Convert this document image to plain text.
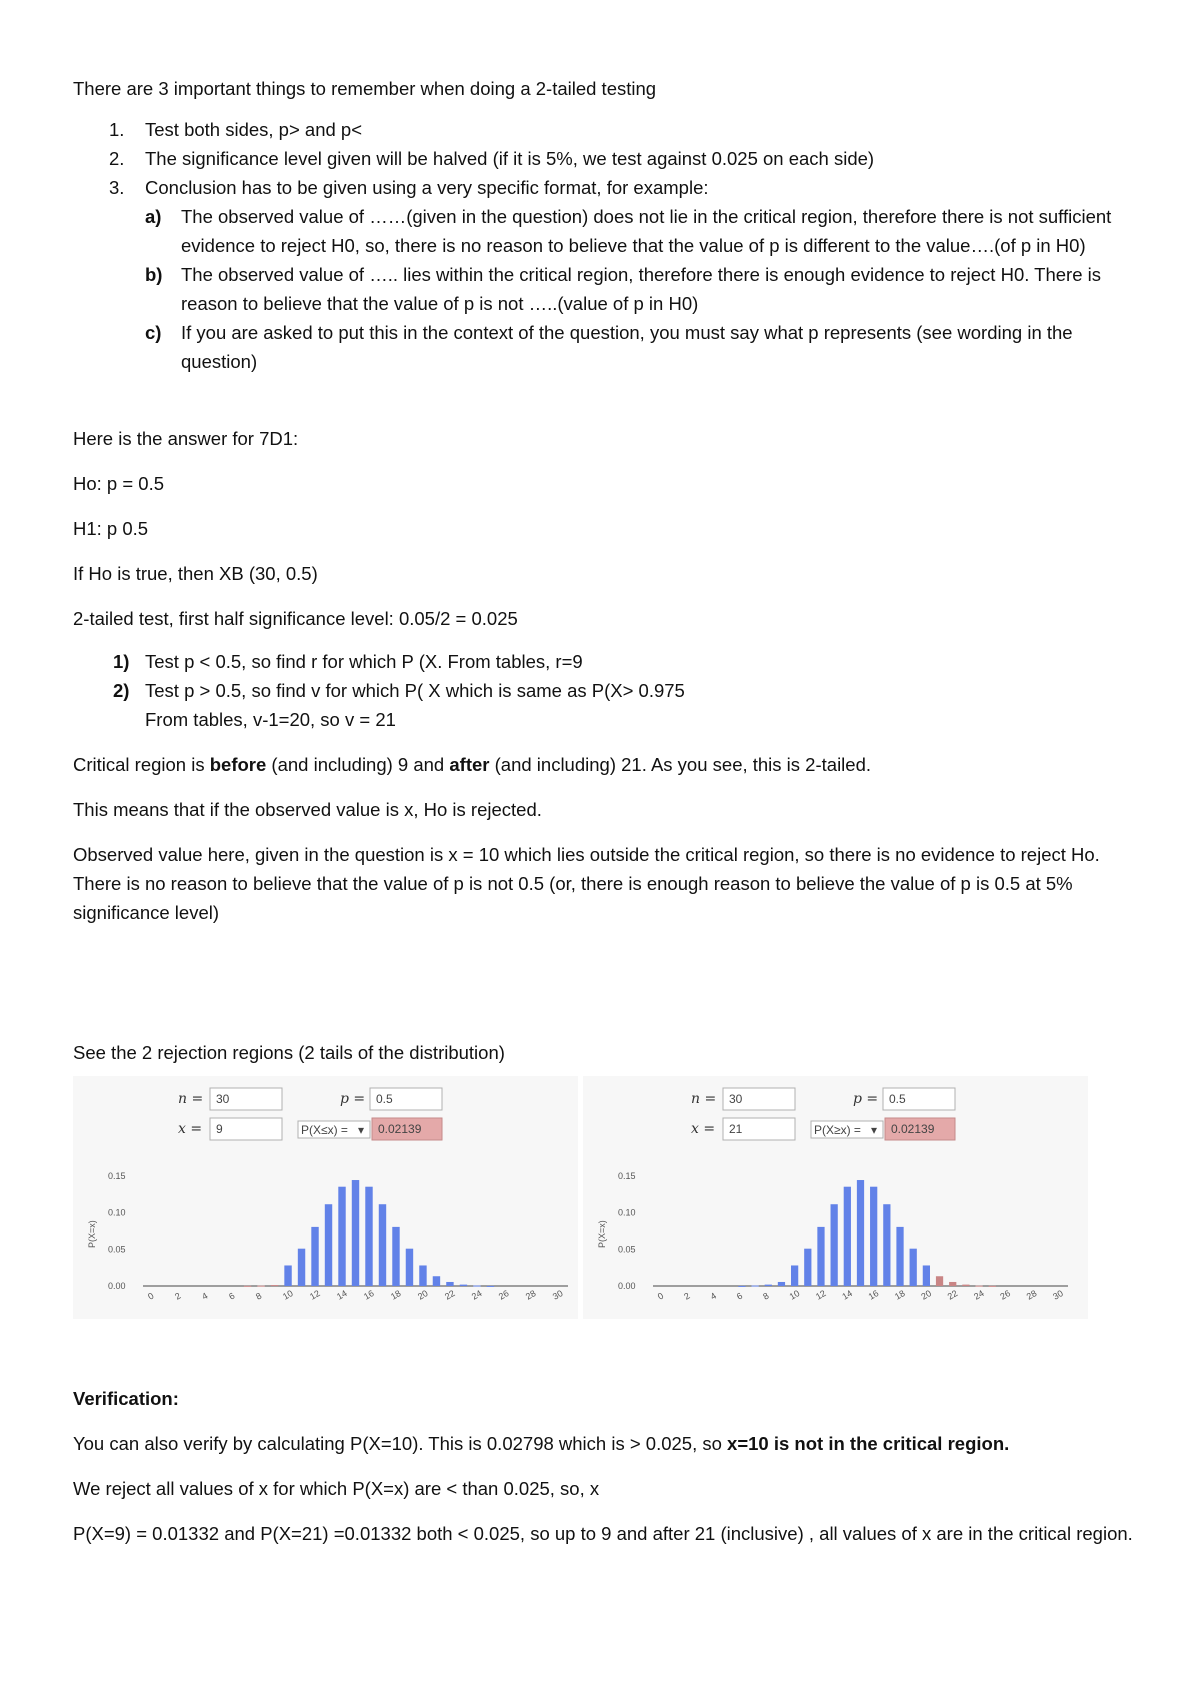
There are 3 important things to remember when doing a 2-tailed testing

1. Test both sides, p> and p<
2. The significance level given will be halved (if it is 5%, we test against 0.025 on each side)
3. Conclusion has to be given using a very specific format, for example:
a) The observed value of ……(given in the question) does not lie in the critical region, therefore there is not sufficient evidence to reject H0, so, there is no reason to believe that the value of p is different to the value….(of p in H0)
b) The observed value of ….. lies within the critical region, therefore there is enough evidence to reject H0. There is reason to believe that the value of p is not …..(value of p in H0)
c) If you are asked to put this in the context of the question, you must say what p represents (see wording in the question)

Here is the answer for 7D1:

Ho: p = 0.5

H1: p 0.5

If Ho is true, then XB (30, 0.5)

2-tailed test, first half significance level: 0.05/2 = 0.025

1) Test p < 0.5, so find r for which P (X. From tables, r=9
2) Test p > 0.5, so find v for which P( X which is same as P(X> 0.975
From tables, v-1=20, so v = 21

Critical region is before (and including) 9 and after (and including) 21. As you see, this is 2-tailed.

This means that if the observed value is x, Ho is rejected.

Observed value here, given in the question is x = 10 which lies outside the critical region, so there is no evidence to reject Ho. There is no reason to believe that the value of p is not 0.5 (or, there is enough reason to believe the value of p is 0.5 at 5% significance level)

See the 2 rejection regions (2 tails of the distribution)

n = 30	p = 0.5
x = 9	P(X≤x) = ▾ 0.02139
0.00
0.05
0.10
0.15
P(X=x)
0 2 4 6 8 10 12 14 16 18 20 22 24 26 28 30
n = 30	p = 0.5
x = 21	P(X≥x) = ▾ 0.02139
0.00
0.05
0.10
0.15
P(X=x)
0 2 4 6 8 10 12 14 16 18 20 22 24 26 28 30

Verification:

You can also verify by calculating P(X=10). This is 0.02798 which is > 0.025, so x=10 is not in the critical region.

We reject all values of x for which P(X=x) are < than 0.025, so, x

P(X=9) = 0.01332 and P(X=21) =0.01332 both < 0.025, so up to 9 and after 21 (inclusive) , all values of x are in the critical region.
